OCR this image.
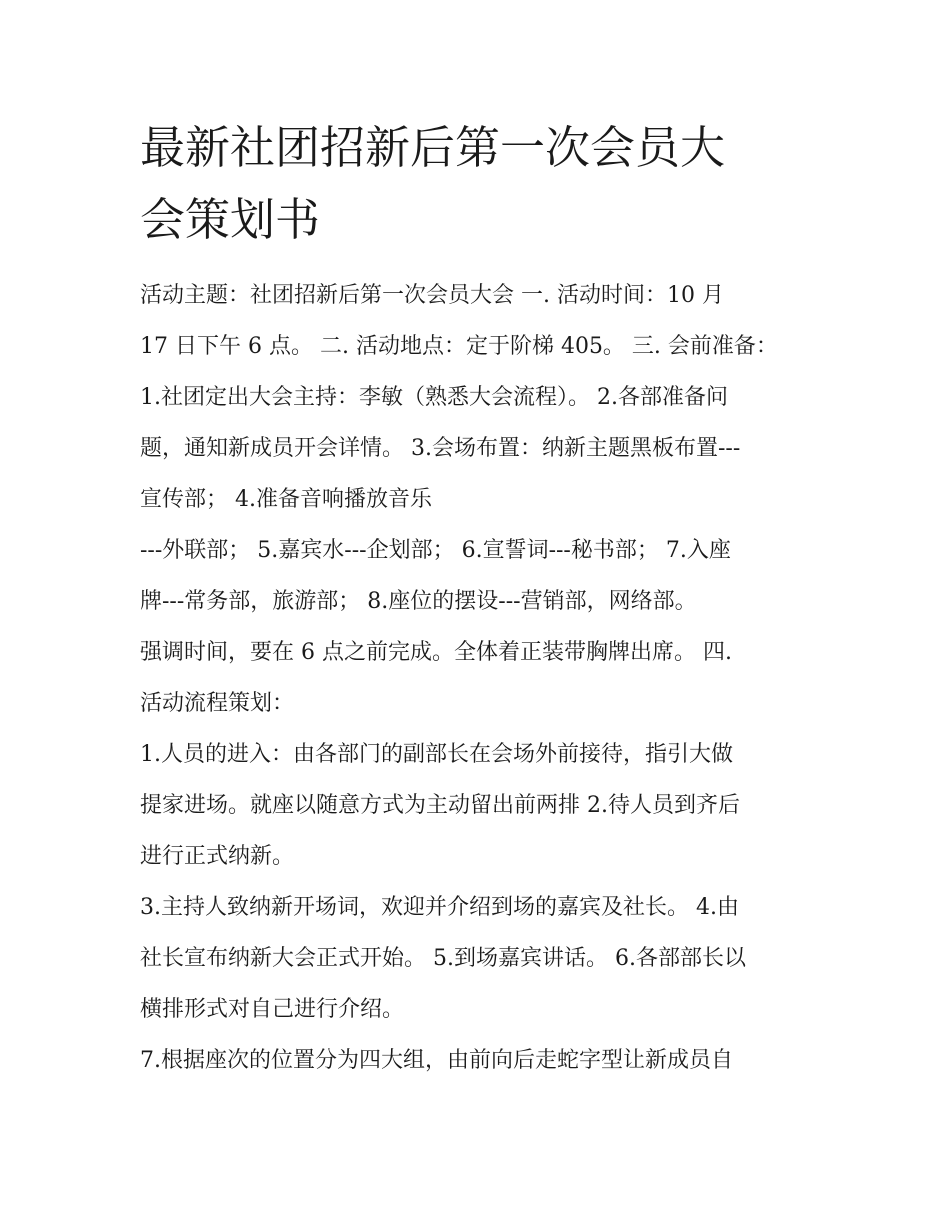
最新社团招新后第一次会员大
会策划书
活动主题：社团招新后第一次会员大会 一. 活动时间：10 月
17 日下午 6 点。 二. 活动地点：定于阶梯 405。 三. 会前准备：
1.社团定出大会主持：李敏（熟悉大会流程）。 2.各部准备问
题，通知新成员开会详情。 3.会场布置：纳新主题黑板布置---
宣传部； 4.准备音响播放音乐
---外联部； 5.嘉宾水---企划部； 6.宣誓词---秘书部； 7.入座
牌---常务部，旅游部； 8.座位的摆设---营销部，网络部。
强调时间，要在 6 点之前完成。全体着正装带胸牌出席。 四.
活动流程策划：
1.人员的进入：由各部门的副部长在会场外前接待，指引大做
提家进场。就座以随意方式为主动留出前两排 2.待人员到齐后
进行正式纳新。
3.主持人致纳新开场词，欢迎并介绍到场的嘉宾及社长。 4.由
社长宣布纳新大会正式开始。 5.到场嘉宾讲话。 6.各部部长以
横排形式对自己进行介绍。
7.根据座次的位置分为四大组，由前向后走蛇字型让新成员自
